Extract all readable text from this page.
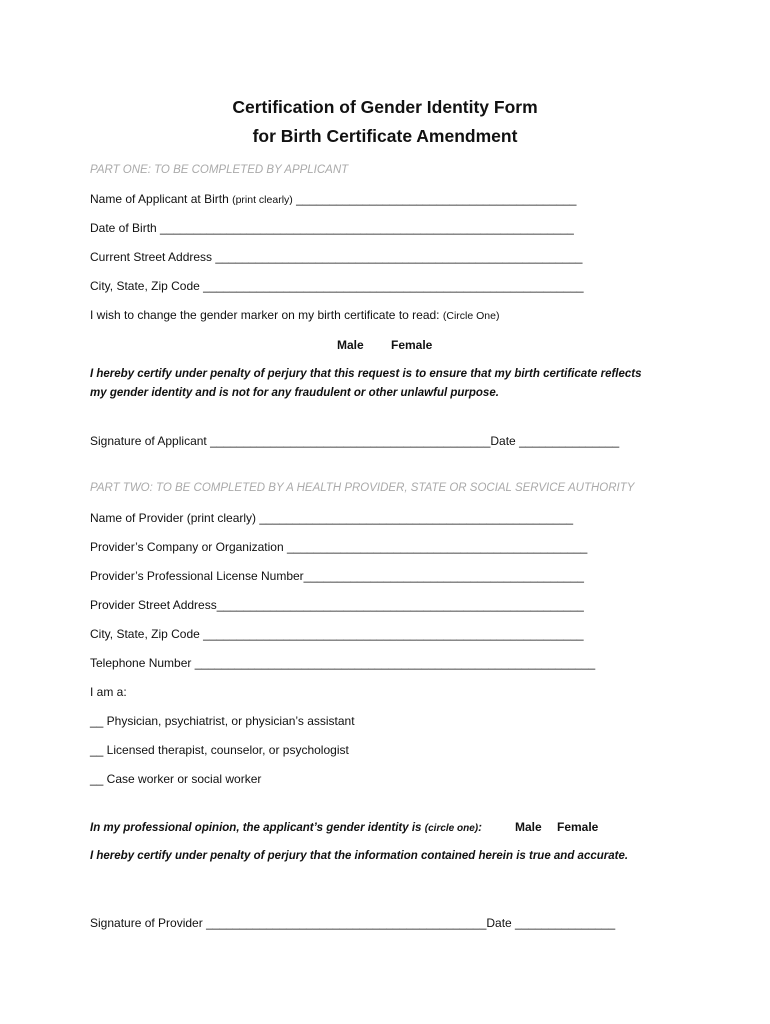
Certification of Gender Identity Form
for Birth Certificate Amendment
PART ONE: TO BE COMPLETED BY APPLICANT
Name of Applicant at Birth (print clearly) __________________________________________
Date of Birth ______________________________________________________________
Current Street Address _______________________________________________________
City, State, Zip Code _________________________________________________________
I wish to change the gender marker on my birth certificate to read: (Circle One)
Male Female
I hereby certify under penalty of perjury that this request is to ensure that my birth certificate reflects
my gender identity and is not for any fraudulent or other unlawful purpose.
Signature of Applicant __________________________________________Date _______________
PART TWO: TO BE COMPLETED BY A HEALTH PROVIDER, STATE OR SOCIAL SERVICE AUTHORITY
Name of Provider (print clearly) _______________________________________________
Provider’s Company or Organization _____________________________________________
Provider’s Professional License Number__________________________________________
Provider Street Address_______________________________________________________
City, State, Zip Code _________________________________________________________
Telephone Number ____________________________________________________________
I am a:
__ Physician, psychiatrist, or physician’s assistant
__ Licensed therapist, counselor, or psychologist
__ Case worker or social worker
In my professional opinion, the applicant’s gender identity is (circle one):	Male Female
I hereby certify under penalty of perjury that the information contained herein is true and accurate.
Signature of Provider __________________________________________Date _______________
